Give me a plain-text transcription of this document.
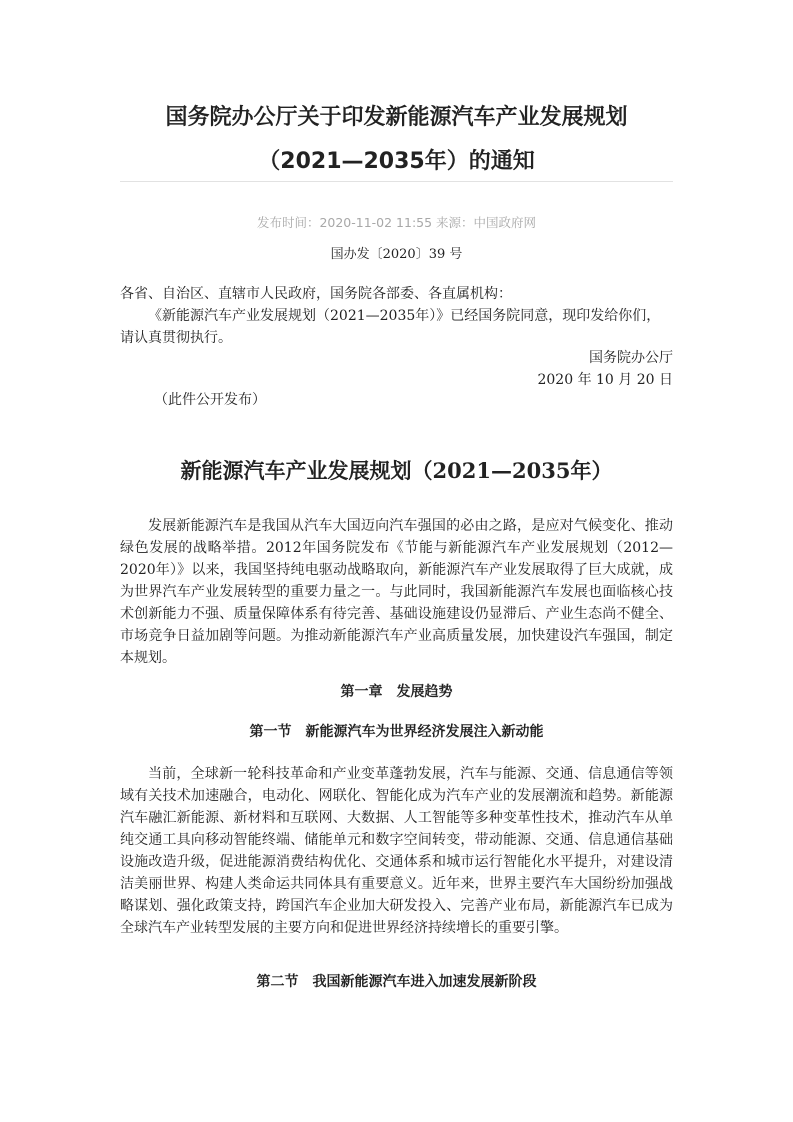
国务院办公厅关于印发新能源汽车产业发展规划
（2021—2035年）的通知
发布时间：2020-11-02 11:55 来源：中国政府网
国办发〔2020〕39 号

各省、自治区、直辖市人民政府，国务院各部委、各直属机构：

《新能源汽车产业发展规划（2021—2035年）》已经国务院同意，现印发给你们，请认真贯彻执行。

国务院办公厅

2020 年 10 月 20 日

（此件公开发布）

新能源汽车产业发展规划（2021—2035年）

发展新能源汽车是我国从汽车大国迈向汽车强国的必由之路，是应对气候变化、推动绿色发展的战略举措。2012年国务院发布《节能与新能源汽车产业发展规划（2012—2020年）》以来，我国坚持纯电驱动战略取向，新能源汽车产业发展取得了巨大成就，成为世界汽车产业发展转型的重要力量之一。与此同时，我国新能源汽车发展也面临核心技术创新能力不强、质量保障体系有待完善、基础设施建设仍显滞后、产业生态尚不健全、市场竞争日益加剧等问题。为推动新能源汽车产业高质量发展，加快建设汽车强国，制定本规划。

第一章　发展趋势
第一节　新能源汽车为世界经济发展注入新动能

当前，全球新一轮科技革命和产业变革蓬勃发展，汽车与能源、交通、信息通信等领域有关技术加速融合，电动化、网联化、智能化成为汽车产业的发展潮流和趋势。新能源汽车融汇新能源、新材料和互联网、大数据、人工智能等多种变革性技术，推动汽车从单纯交通工具向移动智能终端、储能单元和数字空间转变，带动能源、交通、信息通信基础设施改造升级，促进能源消费结构优化、交通体系和城市运行智能化水平提升，对建设清洁美丽世界、构建人类命运共同体具有重要意义。近年来，世界主要汽车大国纷纷加强战略谋划、强化政策支持，跨国汽车企业加大研发投入、完善产业布局，新能源汽车已成为全球汽车产业转型发展的主要方向和促进世界经济持续增长的重要引擎。

第二节　我国新能源汽车进入加速发展新阶段
